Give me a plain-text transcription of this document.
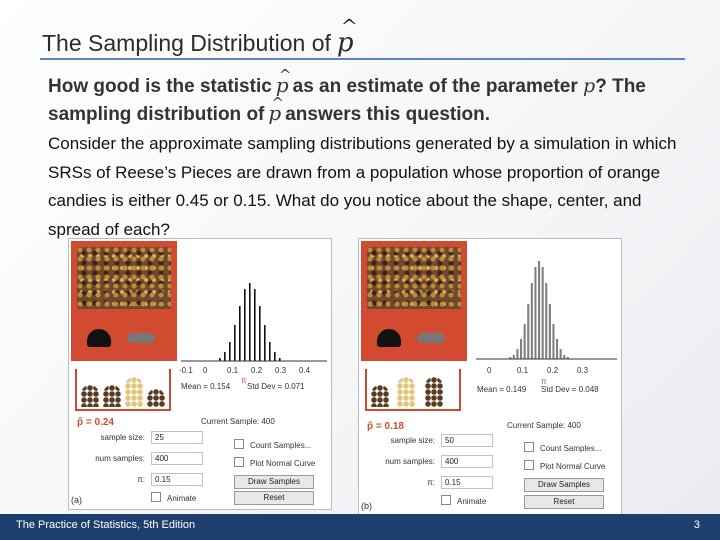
The Sampling Distribution of ^ p
How good is the statistic ^ p as an estimate of the parameter p? The sampling distribution of ^ p answers this question.
Consider the approximate sampling distributions generated by a simulation in which SRSs of Reese’s Pieces are drawn from a population whose proportion of orange candies is either 0.45 or 0.15. What do you notice about the shape, center, and spread of each?
p̂ = 0.24
Mean = 0.154 Std Dev = 0.071
π
Current Sample: 400
sample size:	25
num samples:	400
π:	0.15
Count Samples...
Plot Normal Curve
Draw Samples
Animate	Reset
(a)
-0.1 0 0.1 0.2 0.3 0.4
p̂ = 0.18
Mean = 0.149 Std Dev = 0.048
π
Current Sample: 400
sample size:	50
num samples:	400
π:	0.15
Count Samples...
Plot Normal Curve
Draw Samples
Animate	Reset
(b)
0	0.1 0.2 0.3
The Practice of Statistics, 5th Edition	3
